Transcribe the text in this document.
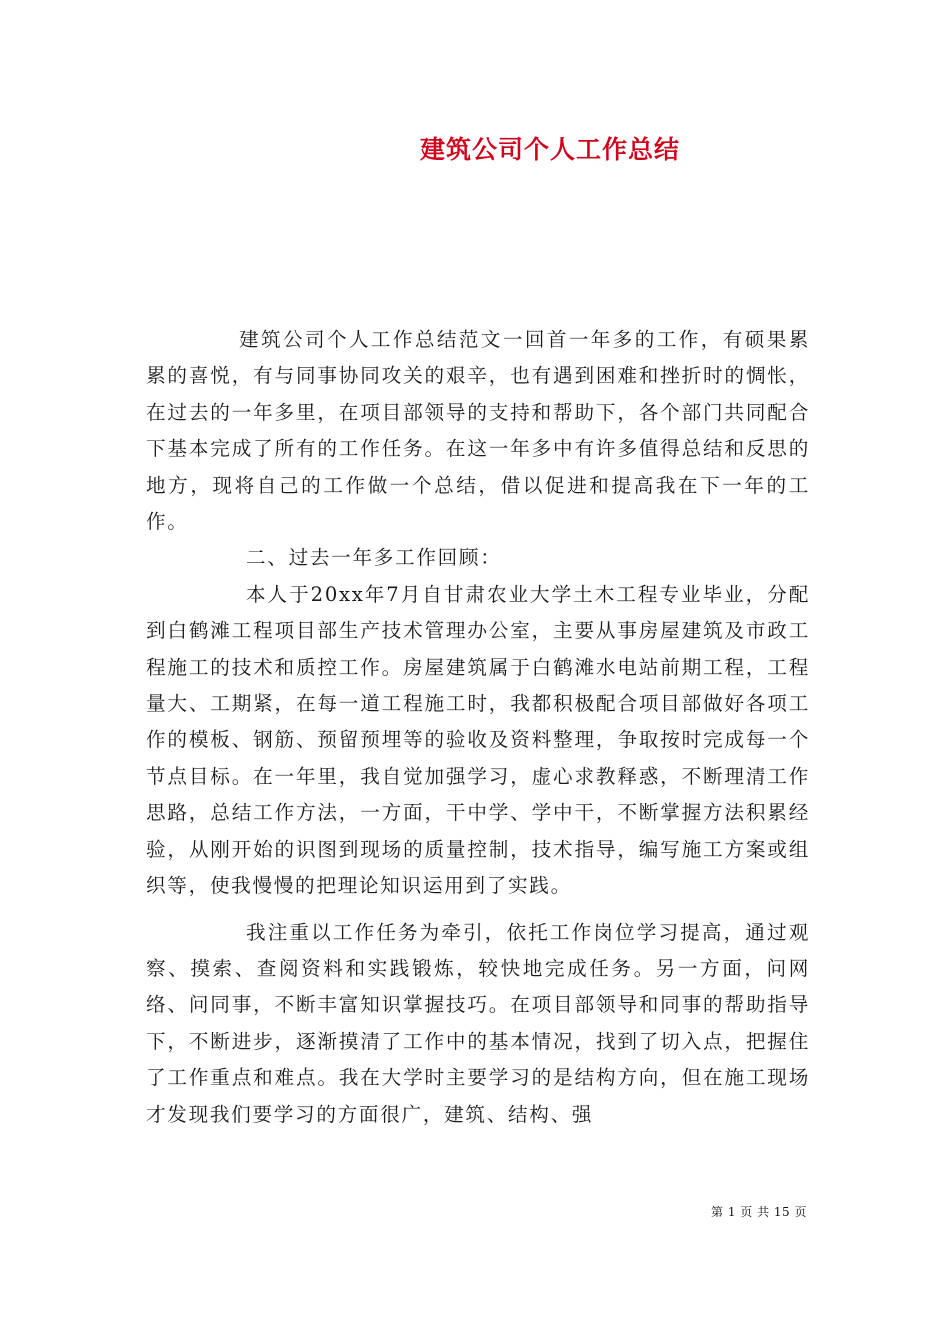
建筑公司个人工作总结

建筑公司个人工作总结范文一回首一年多的工作，有硕果累累的喜悦，有与同事协同攻关的艰辛，也有遇到困难和挫折时的惆怅，在过去的一年多里，在项目部领导的支持和帮助下，各个部门共同配合下基本完成了所有的工作任务。在这一年多中有许多值得总结和反思的地方，现将自己的工作做一个总结，借以促进和提高我在下一年的工作。

二、过去一年多工作回顾：

本人于20xx年7月自甘肃农业大学土木工程专业毕业，分配到白鹤滩工程项目部生产技术管理办公室，主要从事房屋建筑及市政工程施工的技术和质控工作。房屋建筑属于白鹤滩水电站前期工程，工程量大、工期紧，在每一道工程施工时，我都积极配合项目部做好各项工作的模板、钢筋、预留预埋等的验收及资料整理，争取按时完成每一个节点目标。在一年里，我自觉加强学习，虚心求教释惑，不断理清工作思路，总结工作方法，一方面，干中学、学中干，不断掌握方法积累经验，从刚开始的识图到现场的质量控制，技术指导，编写施工方案或组织等，使我慢慢的把理论知识运用到了实践。

我注重以工作任务为牵引，依托工作岗位学习提高，通过观察、摸索、查阅资料和实践锻炼，较快地完成任务。另一方面，问网络、问同事，不断丰富知识掌握技巧。在项目部领导和同事的帮助指导下，不断进步，逐渐摸清了工作中的基本情况，找到了切入点，把握住了工作重点和难点。我在大学时主要学习的是结构方向，但在施工现场才发现我们要学习的方面很广，建筑、结构、强

第 1 页 共 15 页
